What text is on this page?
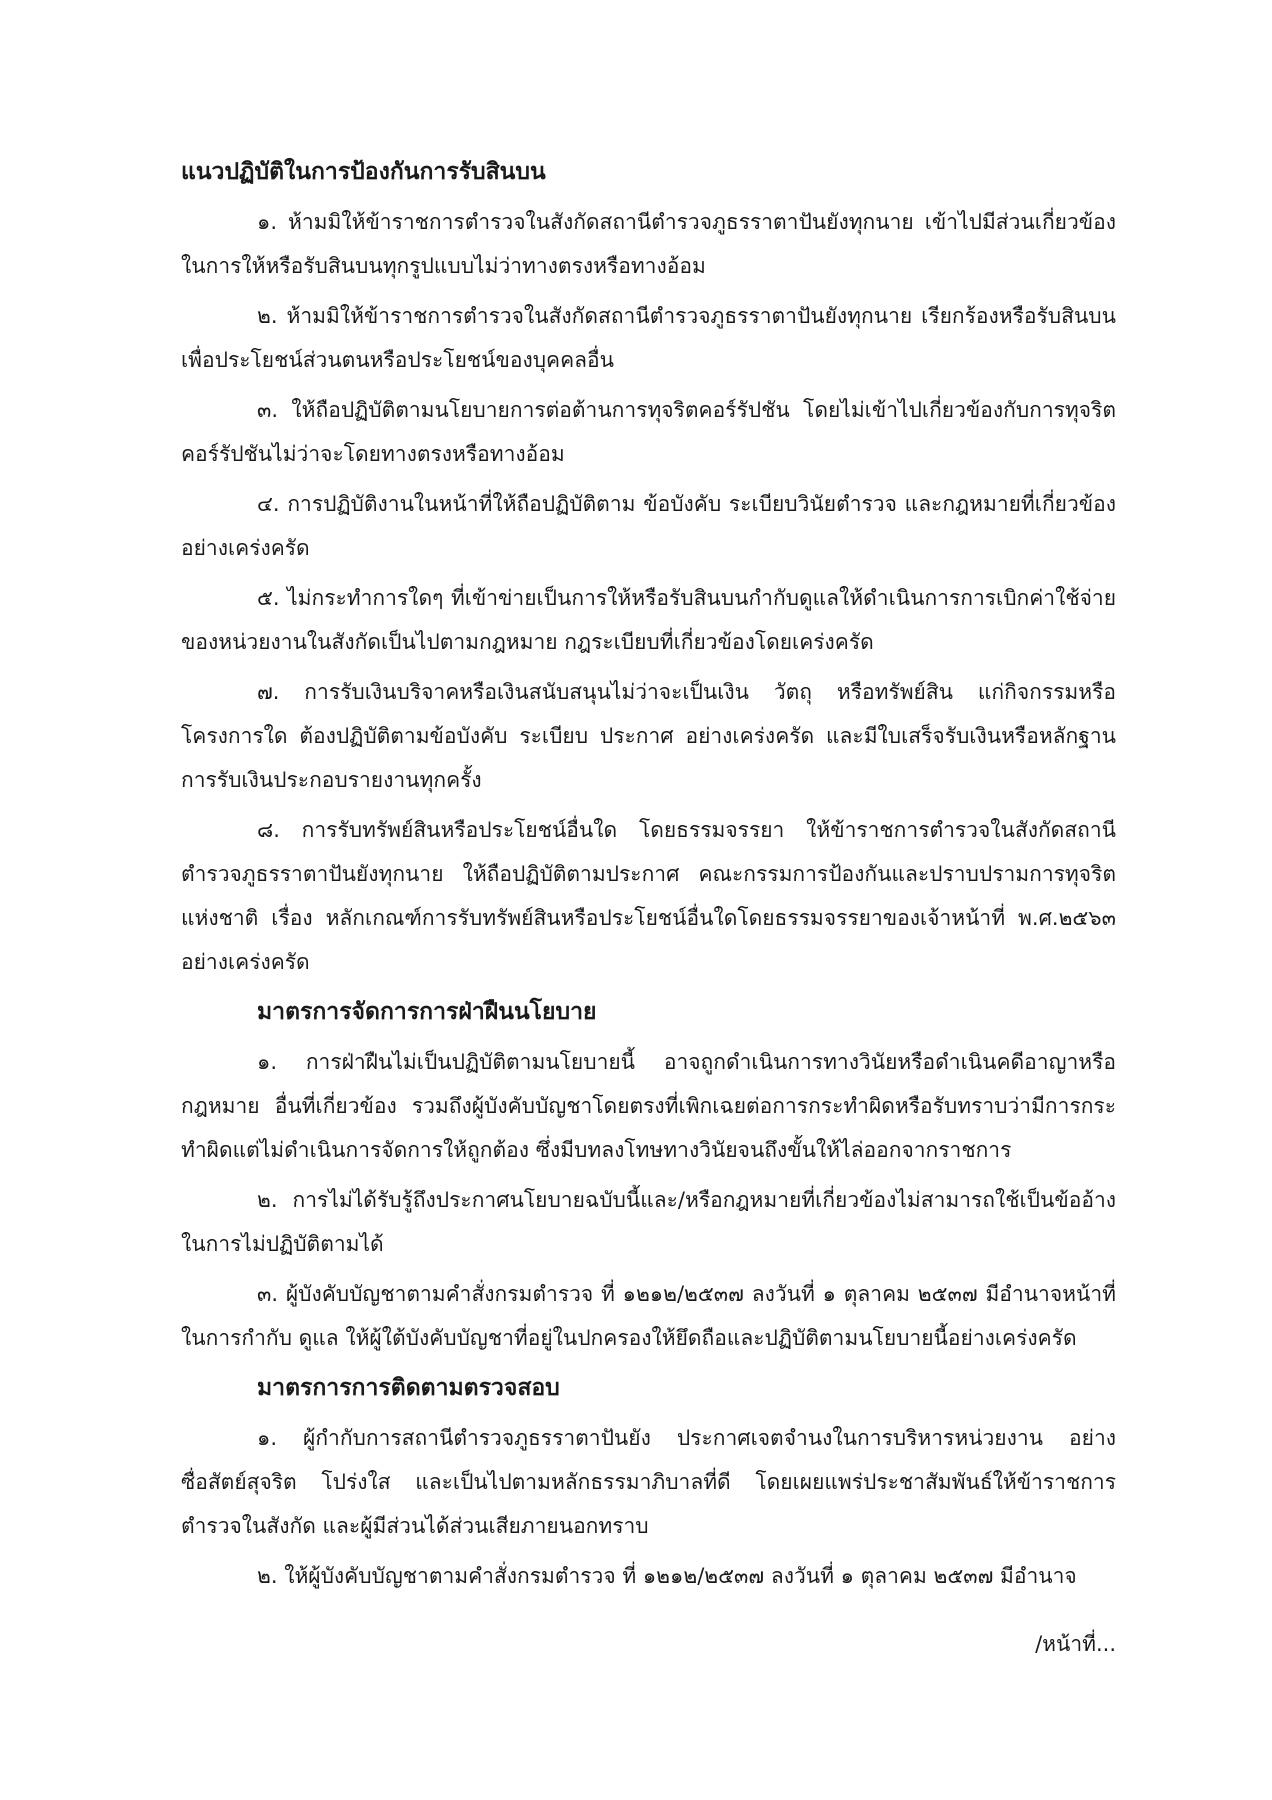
แนวปฏิบัติในการป้องกันการรับสินบน

๑. ห้ามมิให้ข้าราชการตำรวจในสังกัดสถานีตำรวจภูธรราตาปันยังทุกนาย เข้าไปมีส่วนเกี่ยวข้องในการให้หรือรับสินบนทุกรูปแบบไม่ว่าทางตรงหรือทางอ้อม

๒. ห้ามมิให้ข้าราชการตำรวจในสังกัดสถานีตำรวจภูธรราตาปันยังทุกนาย เรียกร้องหรือรับสินบนเพื่อประโยชน์ส่วนตนหรือประโยชน์ของบุคคลอื่น

๓. ให้ถือปฏิบัติตามนโยบายการต่อต้านการทุจริตคอร์รัปชัน โดยไม่เข้าไปเกี่ยวข้องกับการทุจริตคอร์รัปชันไม่ว่าจะโดยทางตรงหรือทางอ้อม

๔. การปฏิบัติงานในหน้าที่ให้ถือปฏิบัติตาม ข้อบังคับ ระเบียบวินัยตำรวจ และกฎหมายที่เกี่ยวข้องอย่างเคร่งครัด

๕. ไม่กระทำการใดๆ ที่เข้าข่ายเป็นการให้หรือรับสินบนกำกับดูแลให้ดำเนินการการเบิกค่าใช้จ่ายของหน่วยงานในสังกัดเป็นไปตามกฎหมาย กฎระเบียบที่เกี่ยวข้องโดยเคร่งครัด

๗. การรับเงินบริจาคหรือเงินสนับสนุนไม่ว่าจะเป็นเงิน วัตถุ หรือทรัพย์สิน แก่กิจกรรมหรือโครงการใด ต้องปฏิบัติตามข้อบังคับ ระเบียบ ประกาศ อย่างเคร่งครัด และมีใบเสร็จรับเงินหรือหลักฐานการรับเงินประกอบรายงานทุกครั้ง

๘. การรับทรัพย์สินหรือประโยชน์อื่นใด โดยธรรมจรรยา ให้ข้าราชการตำรวจในสังกัดสถานีตำรวจภูธรราตาปันยังทุกนาย ให้ถือปฏิบัติตามประกาศ คณะกรรมการป้องกันและปราบปรามการทุจริตแห่งชาติ เรื่อง หลักเกณฑ์การรับทรัพย์สินหรือประโยชน์อื่นใดโดยธรรมจรรยาของเจ้าหน้าที่ พ.ศ.๒๕๖๓ อย่างเคร่งครัด

มาตรการจัดการการฝ่าฝืนนโยบาย

๑. การฝ่าฝืนไม่เป็นปฏิบัติตามนโยบายนี้ อาจถูกดำเนินการทางวินัยหรือดำเนินคดีอาญาหรือกฎหมาย อื่นที่เกี่ยวข้อง รวมถึงผู้บังคับบัญชาโดยตรงที่เพิกเฉยต่อการกระทำผิดหรือรับทราบว่ามีการกระทำผิดแต่ไม่ดำเนินการจัดการให้ถูกต้อง ซึ่งมีบทลงโทษทางวินัยจนถึงขั้นให้ไล่ออกจากราชการ

๒. การไม่ได้รับรู้ถึงประกาศนโยบายฉบับนี้และ/หรือกฎหมายที่เกี่ยวข้องไม่สามารถใช้เป็นข้ออ้างในการไม่ปฏิบัติตามได้

๓. ผู้บังคับบัญชาตามคำสั่งกรมตำรวจ ที่ ๑๒๑๒/๒๕๓๗ ลงวันที่ ๑ ตุลาคม ๒๕๓๗ มีอำนาจหน้าที่ ในการกำกับ ดูแล ให้ผู้ใต้บังคับบัญชาที่อยู่ในปกครองให้ยึดถือและปฏิบัติตามนโยบายนี้อย่างเคร่งครัด

มาตรการการติดตามตรวจสอบ

๑. ผู้กำกับการสถานีตำรวจภูธรราตาปันยัง ประกาศเจตจำนงในการบริหารหน่วยงาน อย่างซื่อสัตย์สุจริต โปร่งใส และเป็นไปตามหลักธรรมาภิบาลที่ดี โดยเผยแพร่ประชาสัมพันธ์ให้ข้าราชการตำรวจในสังกัด และผู้มีส่วนได้ส่วนเสียภายนอกทราบ

๒. ให้ผู้บังคับบัญชาตามคำสั่งกรมตำรวจ ที่ ๑๒๑๒/๒๕๓๗ ลงวันที่ ๑ ตุลาคม ๒๕๓๗ มีอำนาจ

/หน้าที่...
